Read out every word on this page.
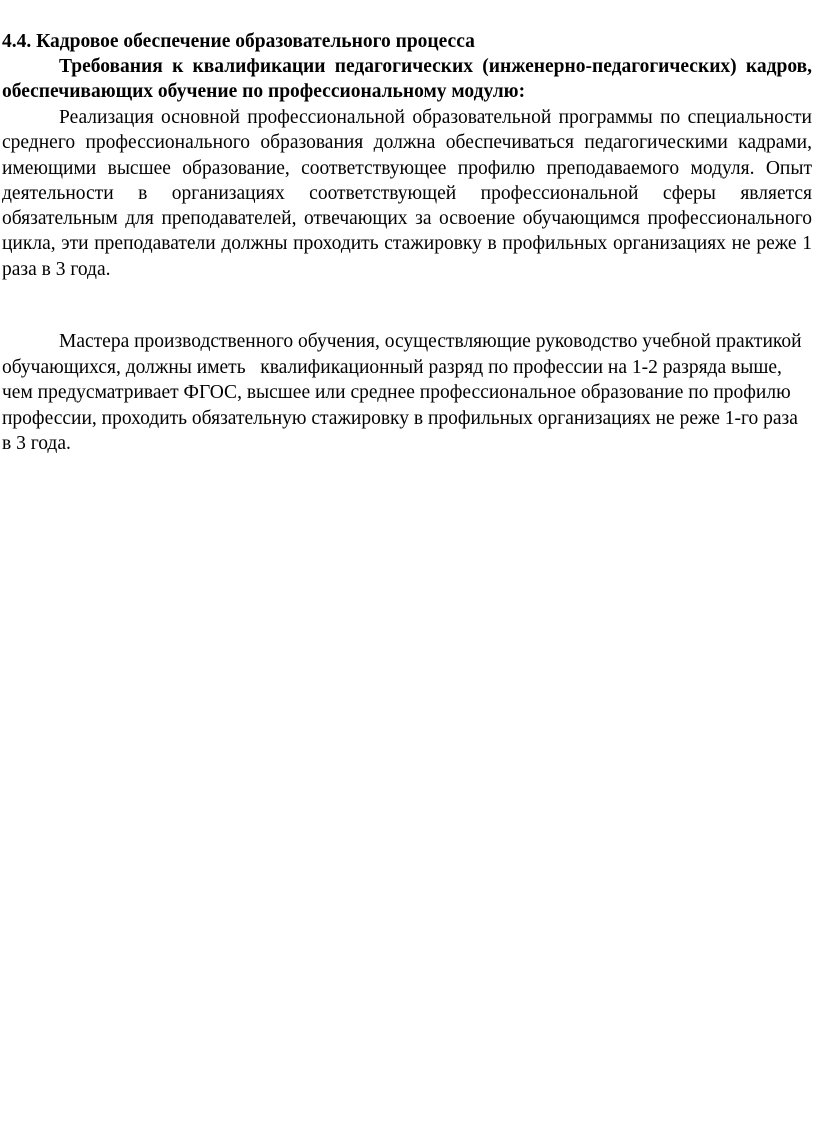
4.4. Кадровое обеспечение образовательного процесса

Требования к квалификации педагогических (инженерно-педагогических) кадров, обеспечивающих обучение по профессиональному модулю:

Реализация основной профессиональной образовательной программы по специальности среднего профессионального образования должна обеспечиваться педагогическими кадрами, имеющими высшее образование, соответствующее профилю преподаваемого модуля. Опыт деятельности в организациях соответствующей профессиональной сферы является обязательным для преподавателей, отвечающих за освоение обучающимся профессионального цикла, эти преподаватели должны проходить стажировку в профильных организациях не реже 1 раза в 3 года.

Мастера производственного обучения, осуществляющие руководство учебной практикой обучающихся, должны иметь   квалификационный разряд по профессии на 1-2 разряда выше, чем предусматривает ФГОС, высшее или среднее профессиональное образование по профилю профессии, проходить обязательную стажировку в профильных организациях не реже 1-го раза в 3 года.
